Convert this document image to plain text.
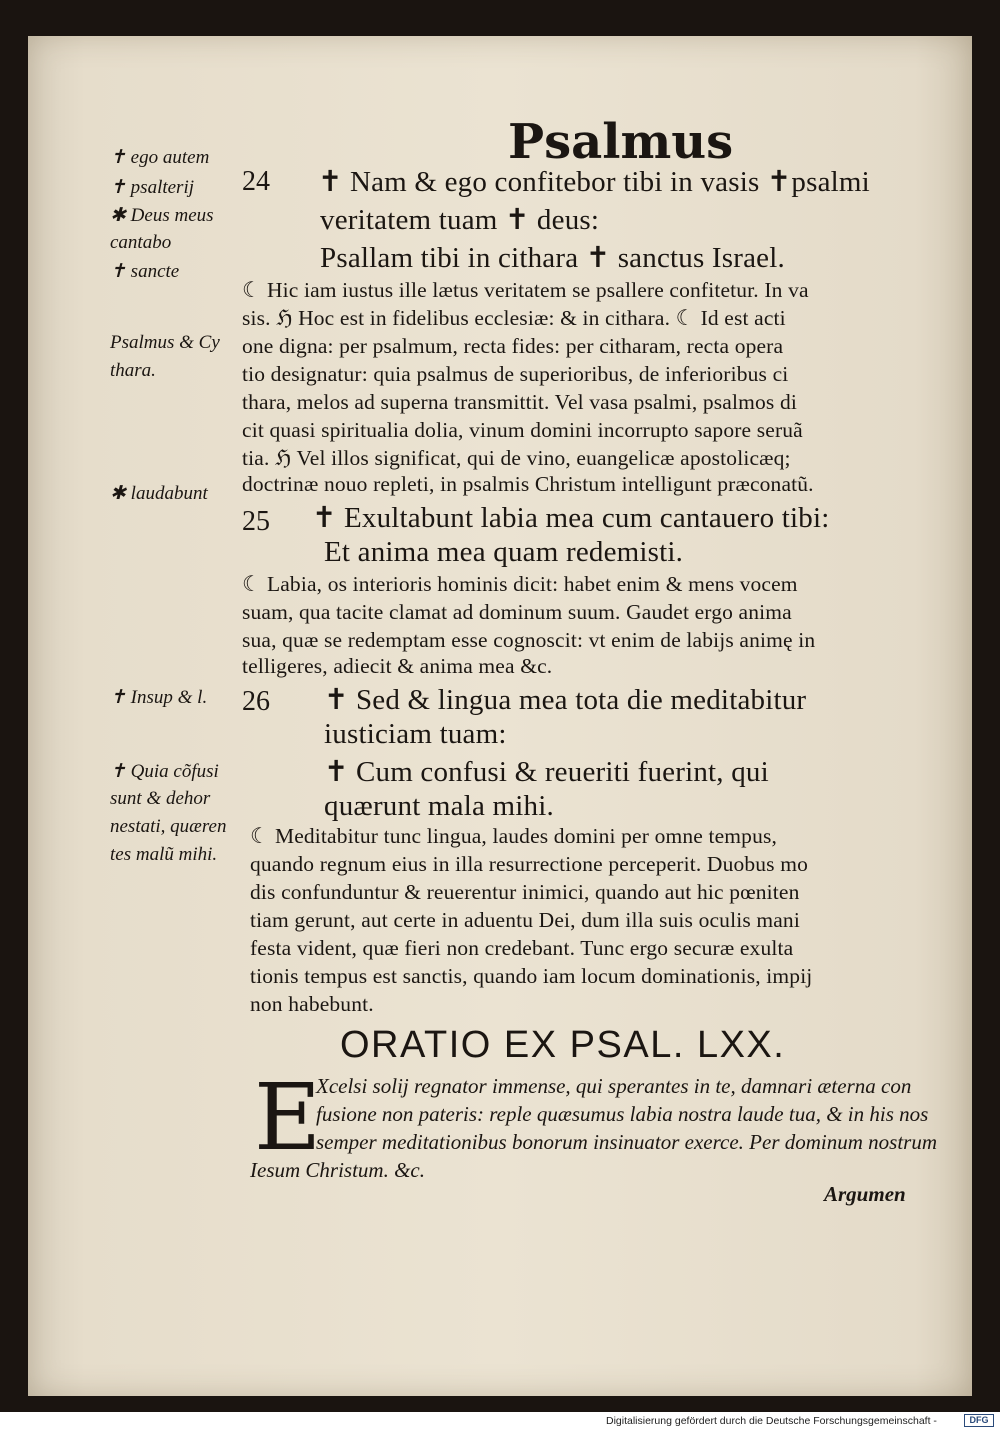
Psalmus
✝ ego autem
✝ psalterij
✱ Deus meus
cantabo
✝ sancte
Psalmus & Cy
thara.
✱ laudabunt
✝ Insup & l.
✝ Quia cõfusi
sunt & dehor
nestati, quæren
tes malũ mihi.
24 ✝ Nam & ego confitebor tibi in vasis ✝psalmi
veritatem tuam ✝ deus:
Psallam tibi in cithara ✝ sanctus Israel.
☾ Hic iam iustus ille lætus veritatem se psallere confitetur. In va
sis. ℌ Hoc est in fidelibus ecclesiæ: & in cithara. ☾ Id est acti
one digna: per psalmum, recta fides: per citharam, recta opera
tio designatur: quia psalmus de superioribus, de inferioribus ci
thara, melos ad superna transmittit. Vel vasa psalmi, psalmos di
cit quasi spiritualia dolia, vinum domini incorrupto sapore seruã
tia. ℌ Vel illos significat, qui de vino, euangelicæ apostolicæq;
doctrinæ nouo repleti, in psalmis Christum intelligunt præconatũ.
25 ✝ Exultabunt labia mea cum cantauero tibi:
Et anima mea quam redemisti.
☾ Labia, os interioris hominis dicit: habet enim & mens vocem
suam, qua tacite clamat ad dominum suum. Gaudet ergo anima
sua, quæ se redemptam esse cognoscit: vt enim de labijs animę in
telligeres, adiecit & anima mea &c.
26 ✝ Sed & lingua mea tota die meditabitur
iusticiam tuam:
✝ Cum confusi & reueriti fuerint, qui
quærunt mala mihi.
☾ Meditabitur tunc lingua, laudes domini per omne tempus,
quando regnum eius in illa resurrectione perceperit. Duobus mo
dis confunduntur & reuerentur inimici, quando aut hic pœniten
tiam gerunt, aut certe in aduentu Dei, dum illa suis oculis mani
festa vident, quæ fieri non credebant. Tunc ergo securæ exulta
tionis tempus est sanctis, quando iam locum dominationis, impij
non habebunt.
ORATIO EX PSAL. LXX.
E
Xcelsi solij regnator immense, qui sperantes in te, damnari æterna con
fusione non pateris: reple quæsumus labia nostra laude tua, & in his nos
semper meditationibus bonorum insinuator exerce. Per dominum nostrum
Iesum Christum. &c.
Argumen
Digitalisierung gefördert durch die Deutsche Forschungsgemeinschaft -	DFG
